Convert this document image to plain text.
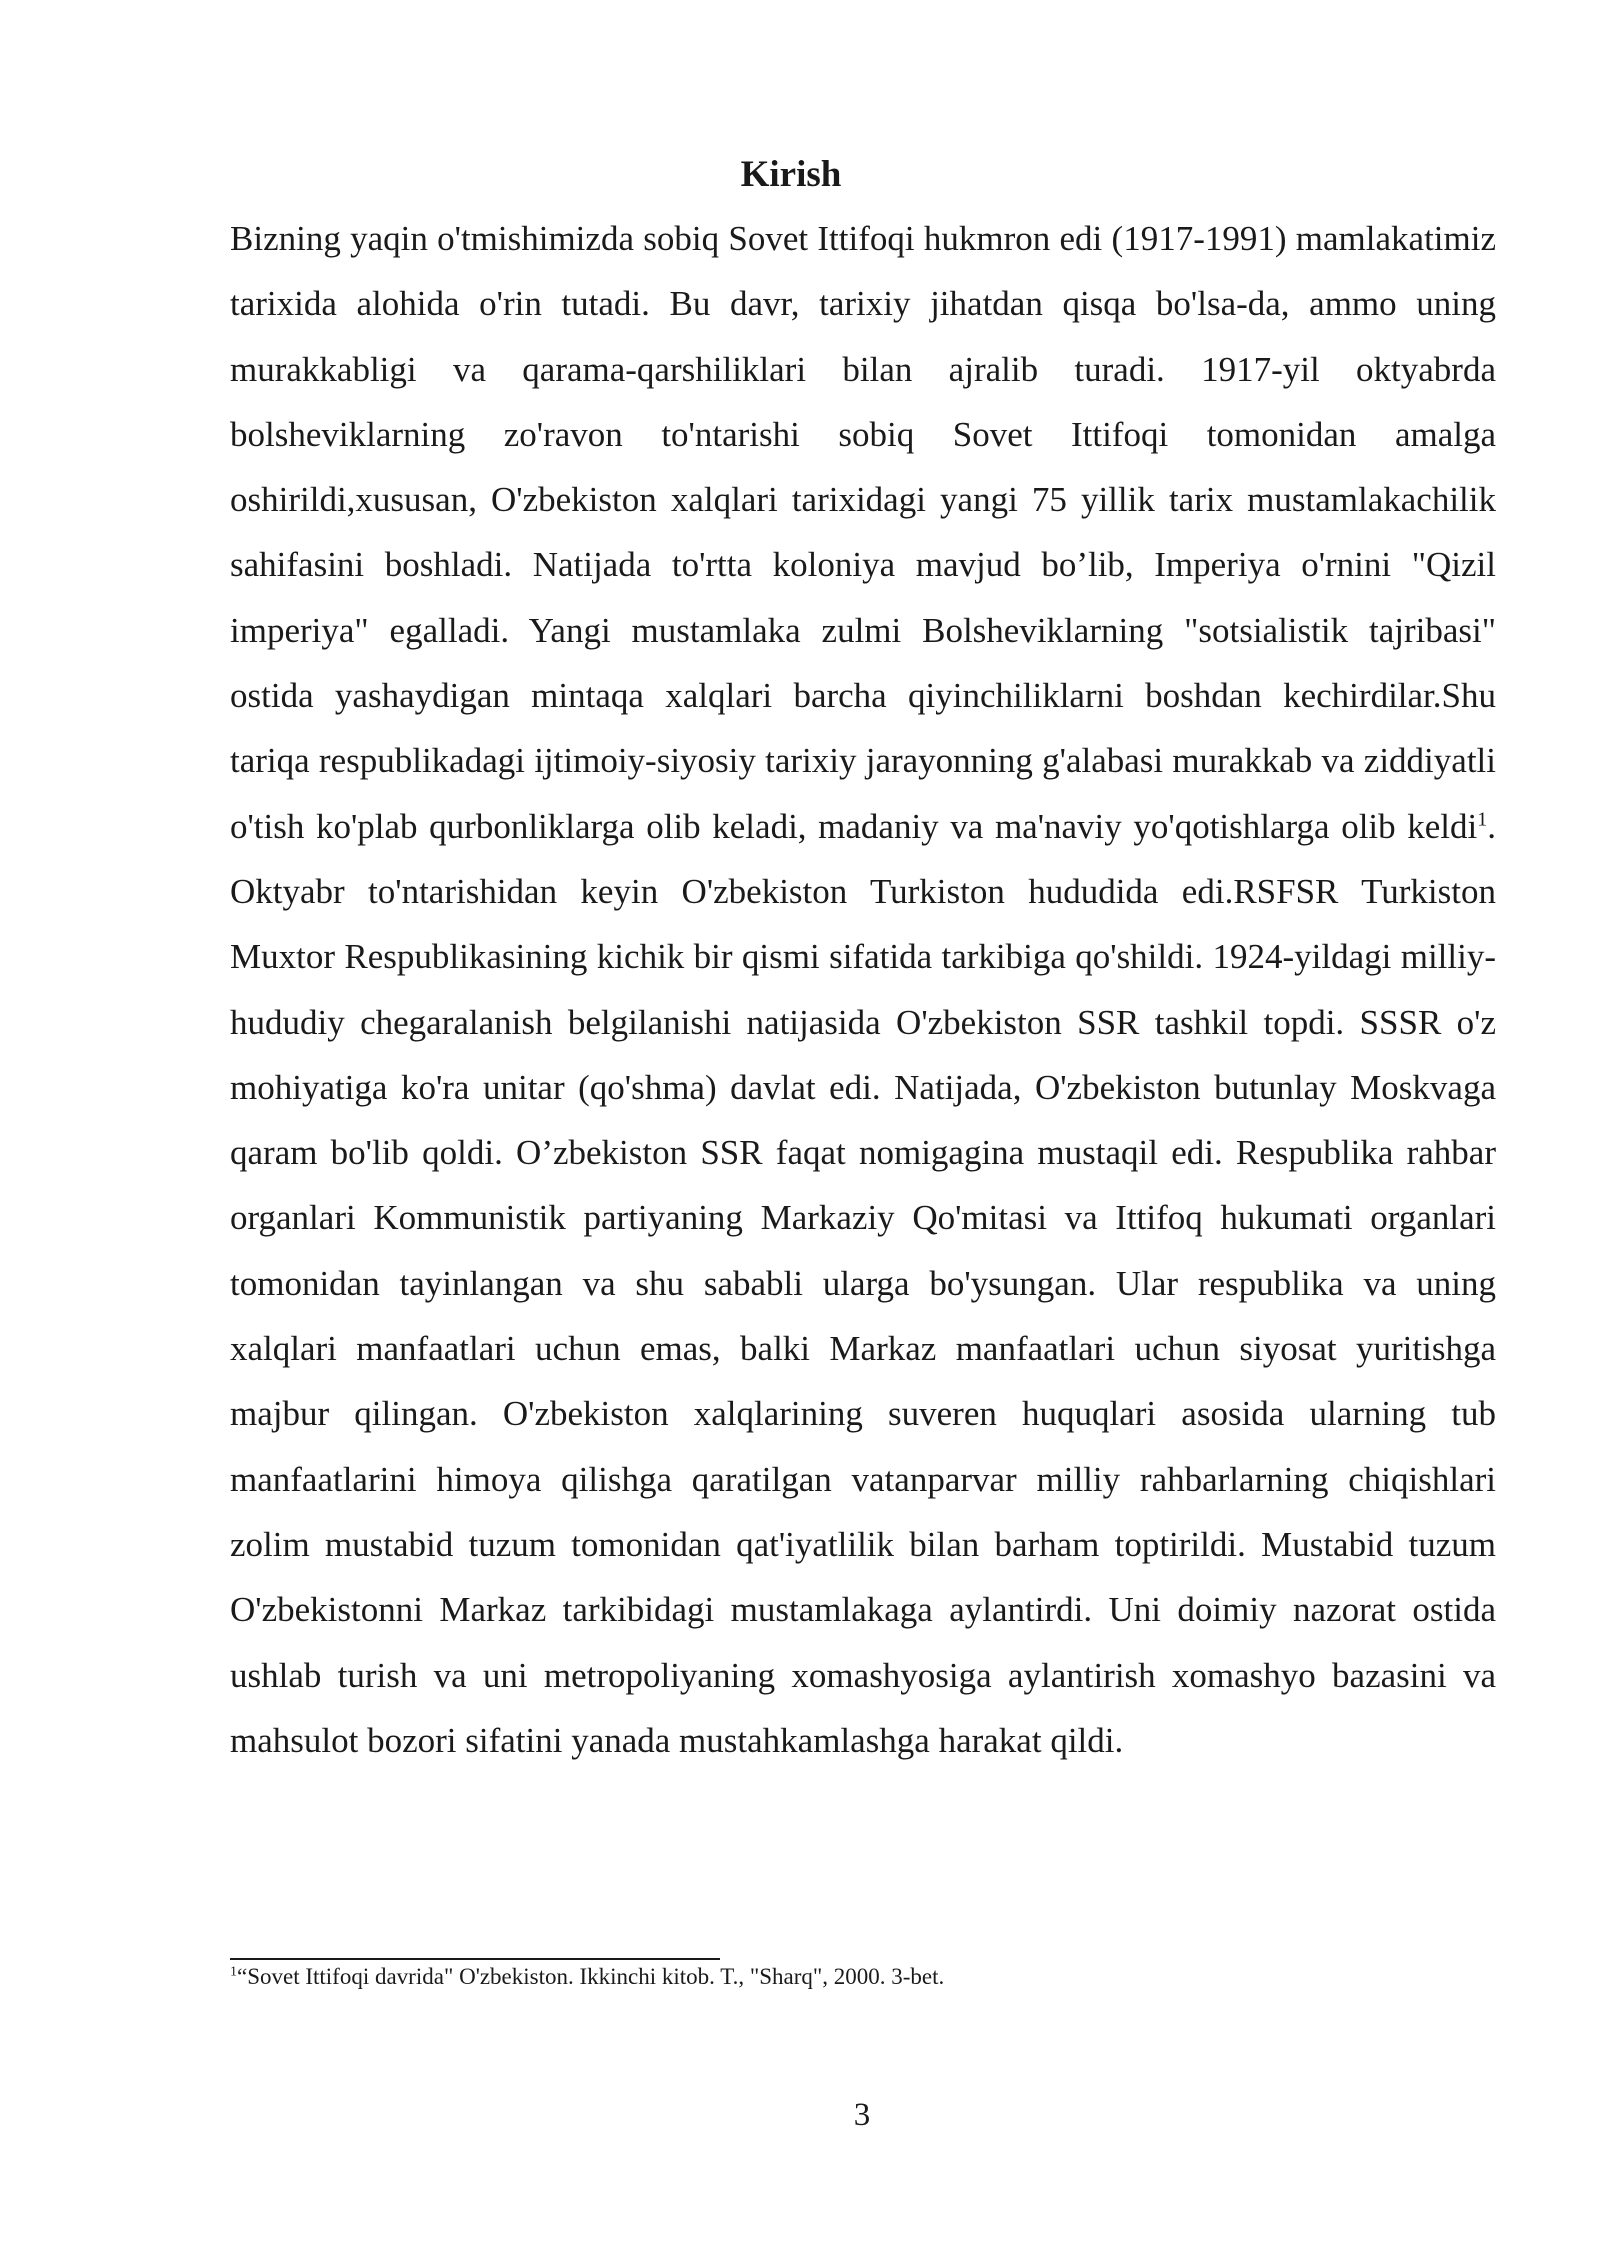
Kirish

Bizning yaqin o'tmishimizda sobiq Sovet Ittifoqi hukmron edi (1917-1991) mamlakatimiz tarixida alohida o'rin tutadi. Bu davr, tarixiy jihatdan qisqa bo'lsa-da, ammo uning murakkabligi va qarama-qarshiliklari bilan ajralib turadi. 1917-yil oktyabrda bolsheviklarning zo'ravon to'ntarishi sobiq Sovet Ittifoqi tomonidan amalga oshirildi,xususan, O'zbekiston xalqlari tarixidagi yangi 75 yillik tarix mustamlakachilik sahifasini boshladi. Natijada to'rtta koloniya mavjud bo’lib, Imperiya o'rnini "Qizil imperiya" egalladi. Yangi mustamlaka zulmi Bolsheviklarning "sotsialistik tajribasi" ostida yashaydigan mintaqa xalqlari barcha qiyinchiliklarni boshdan kechirdilar.Shu tariqa respublikadagi ijtimoiy-siyosiy tarixiy jarayonning g'alabasi murakkab va ziddiyatli o'tish ko'plab qurbonliklarga olib keladi, madaniy va ma'naviy yo'qotishlarga olib keldi$^1$. Oktyabr to'ntarishidan keyin O'zbekiston Turkiston hududida edi.RSFSR Turkiston Muxtor Respublikasining kichik bir qismi sifatida tarkibiga qo'shildi. 1924-yildagi milliy-hududiy chegaralanish belgilanishi natijasida O'zbekiston SSR tashkil topdi. SSSR o'z mohiyatiga ko'ra unitar (qo'shma) davlat edi. Natijada, O'zbekiston butunlay Moskvaga qaram bo'lib qoldi. O’zbekiston SSR faqat nomigagina mustaqil edi. Respublika rahbar organlari Kommunistik partiyaning Markaziy Qo'mitasi va Ittifoq hukumati organlari tomonidan tayinlangan va shu sababli ularga bo'ysungan. Ular respublika va uning xalqlari manfaatlari uchun emas, balki Markaz manfaatlari uchun siyosat yuritishga majbur qilingan. O'zbekiston xalqlarining suveren huquqlari asosida ularning tub manfaatlarini himoya qilishga qaratilgan vatanparvar milliy rahbarlarning chiqishlari zolim mustabid tuzum tomonidan qat'iyatlilik bilan barham toptirildi. Mustabid tuzum O'zbekistonni Markaz tarkibidagi mustamlakaga aylantirdi. Uni doimiy nazorat ostida ushlab turish va uni metropoliyaning xomashyosiga aylantirish xomashyo bazasini va mahsulot bozori sifatini yanada mustahkamlashga harakat qildi.

$^1$“Sovet Ittifoqi davrida" O'zbekiston. Ikkinchi kitob. T., "Sharq", 2000. 3-bet.
3
